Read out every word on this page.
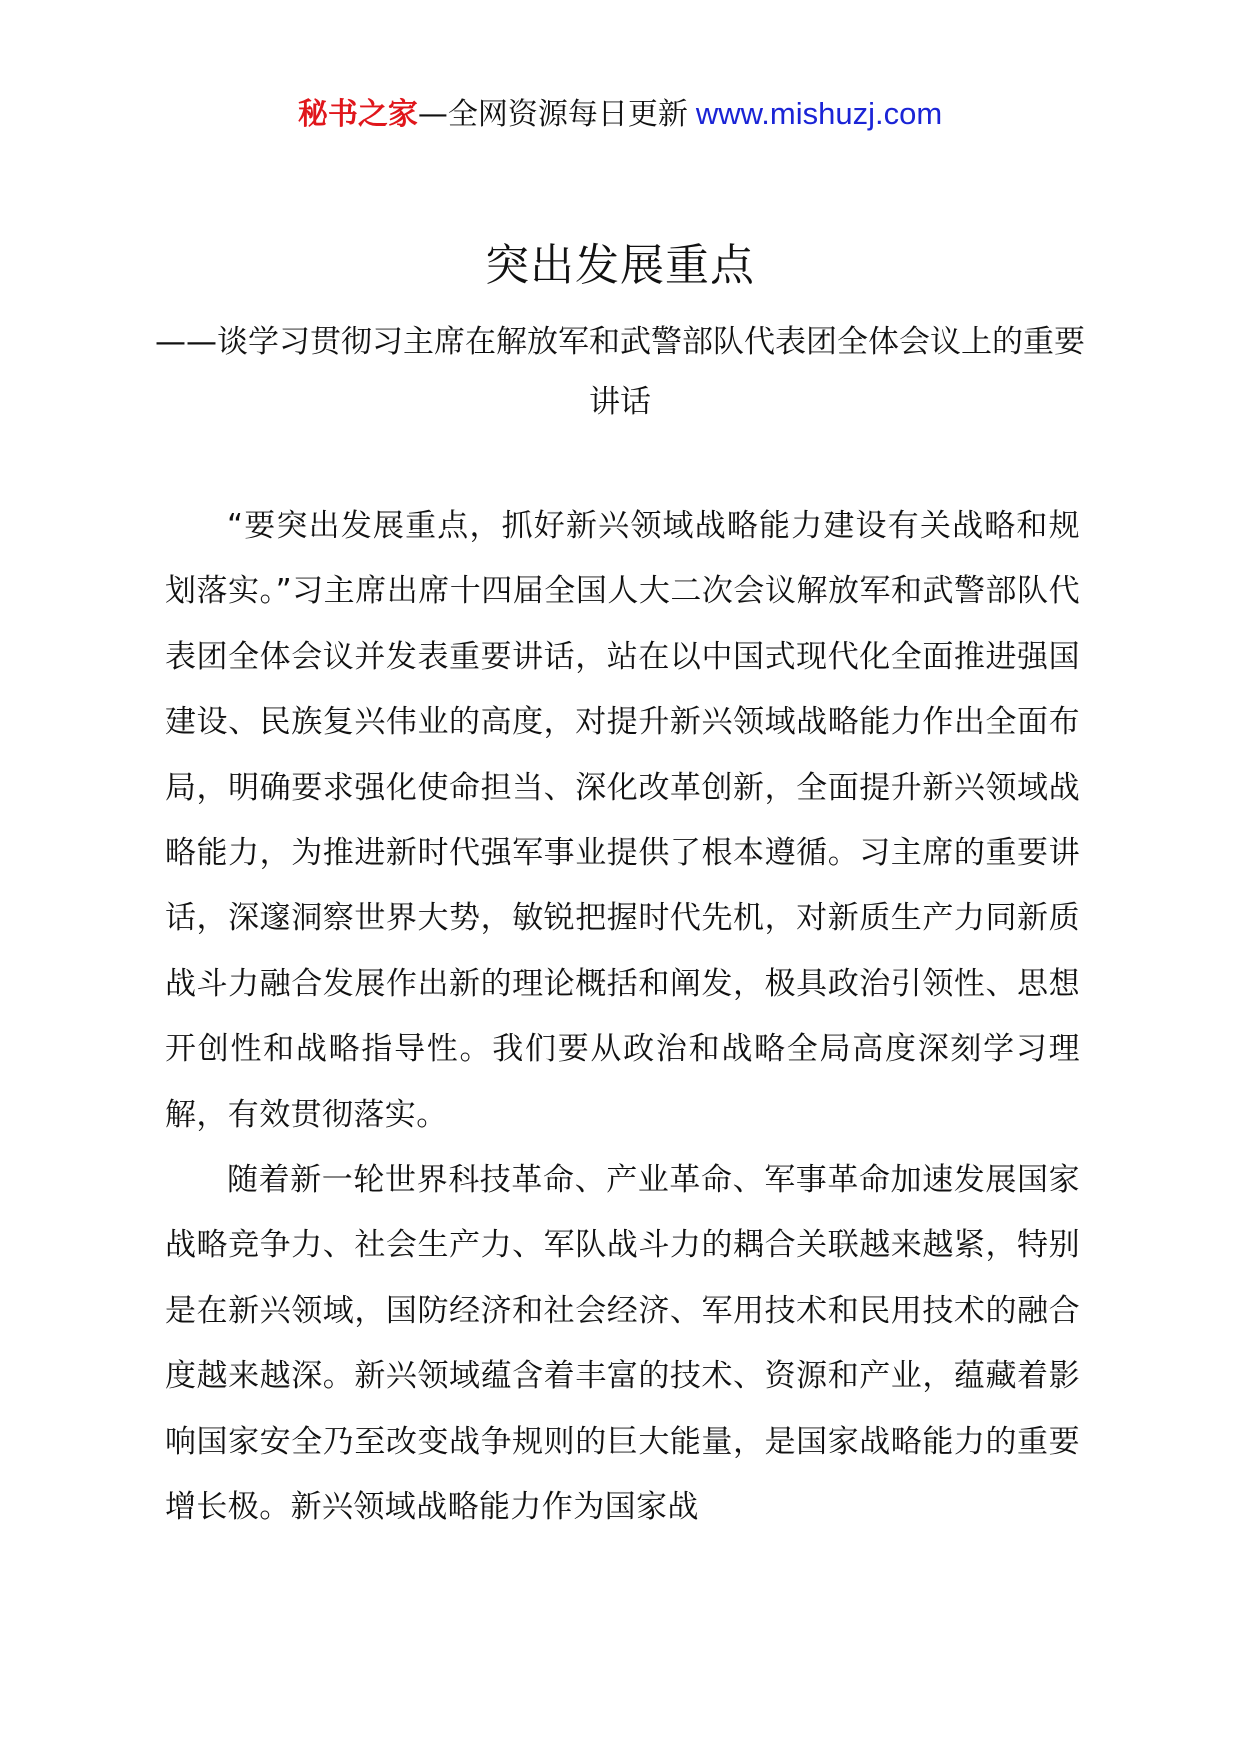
秘书之家—全网资源每日更新 www.mishuzj.com
突出发展重点
——谈学习贯彻习主席在解放军和武警部队代表团全体会议上的重要讲话

“要突出发展重点，抓好新兴领域战略能力建设有关战略和规划落实。”习主席出席十四届全国人大二次会议解放军和武警部队代表团全体会议并发表重要讲话，站在以中国式现代化全面推进强国建设、民族复兴伟业的高度，对提升新兴领域战略能力作出全面布局，明确要求强化使命担当、深化改革创新，全面提升新兴领域战略能力，为推进新时代强军事业提供了根本遵循。习主席的重要讲话，深邃洞察世界大势，敏锐把握时代先机，对新质生产力同新质战斗力融合发展作出新的理论概括和阐发，极具政治引领性、思想开创性和战略指导性。我们要从政治和战略全局高度深刻学习理解，有效贯彻落实。

随着新一轮世界科技革命、产业革命、军事革命加速发展国家战略竞争力、社会生产力、军队战斗力的耦合关联越来越紧，特别是在新兴领域，国防经济和社会经济、军用技术和民用技术的融合度越来越深。新兴领域蕴含着丰富的技术、资源和产业，蕴藏着影响国家安全乃至改变战争规则的巨大能量，是国家战略能力的重要增长极。新兴领域战略能力作为国家战
